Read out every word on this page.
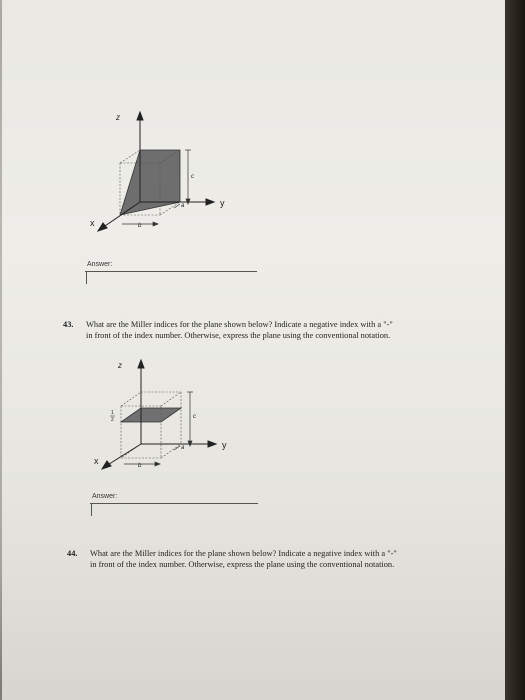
z
y
x
c
b
a
Answer:
43. What are the Miller indices for the plane shown below? Indicate a negative index with a "-"
in front of the index number. Otherwise, express the plane using the conventional notation.
z
y
x
c
b
a
1
2
Answer:
44. What are the Miller indices for the plane shown below? Indicate a negative index with a "-"
in front of the index number. Otherwise, express the plane using the conventional notation.
